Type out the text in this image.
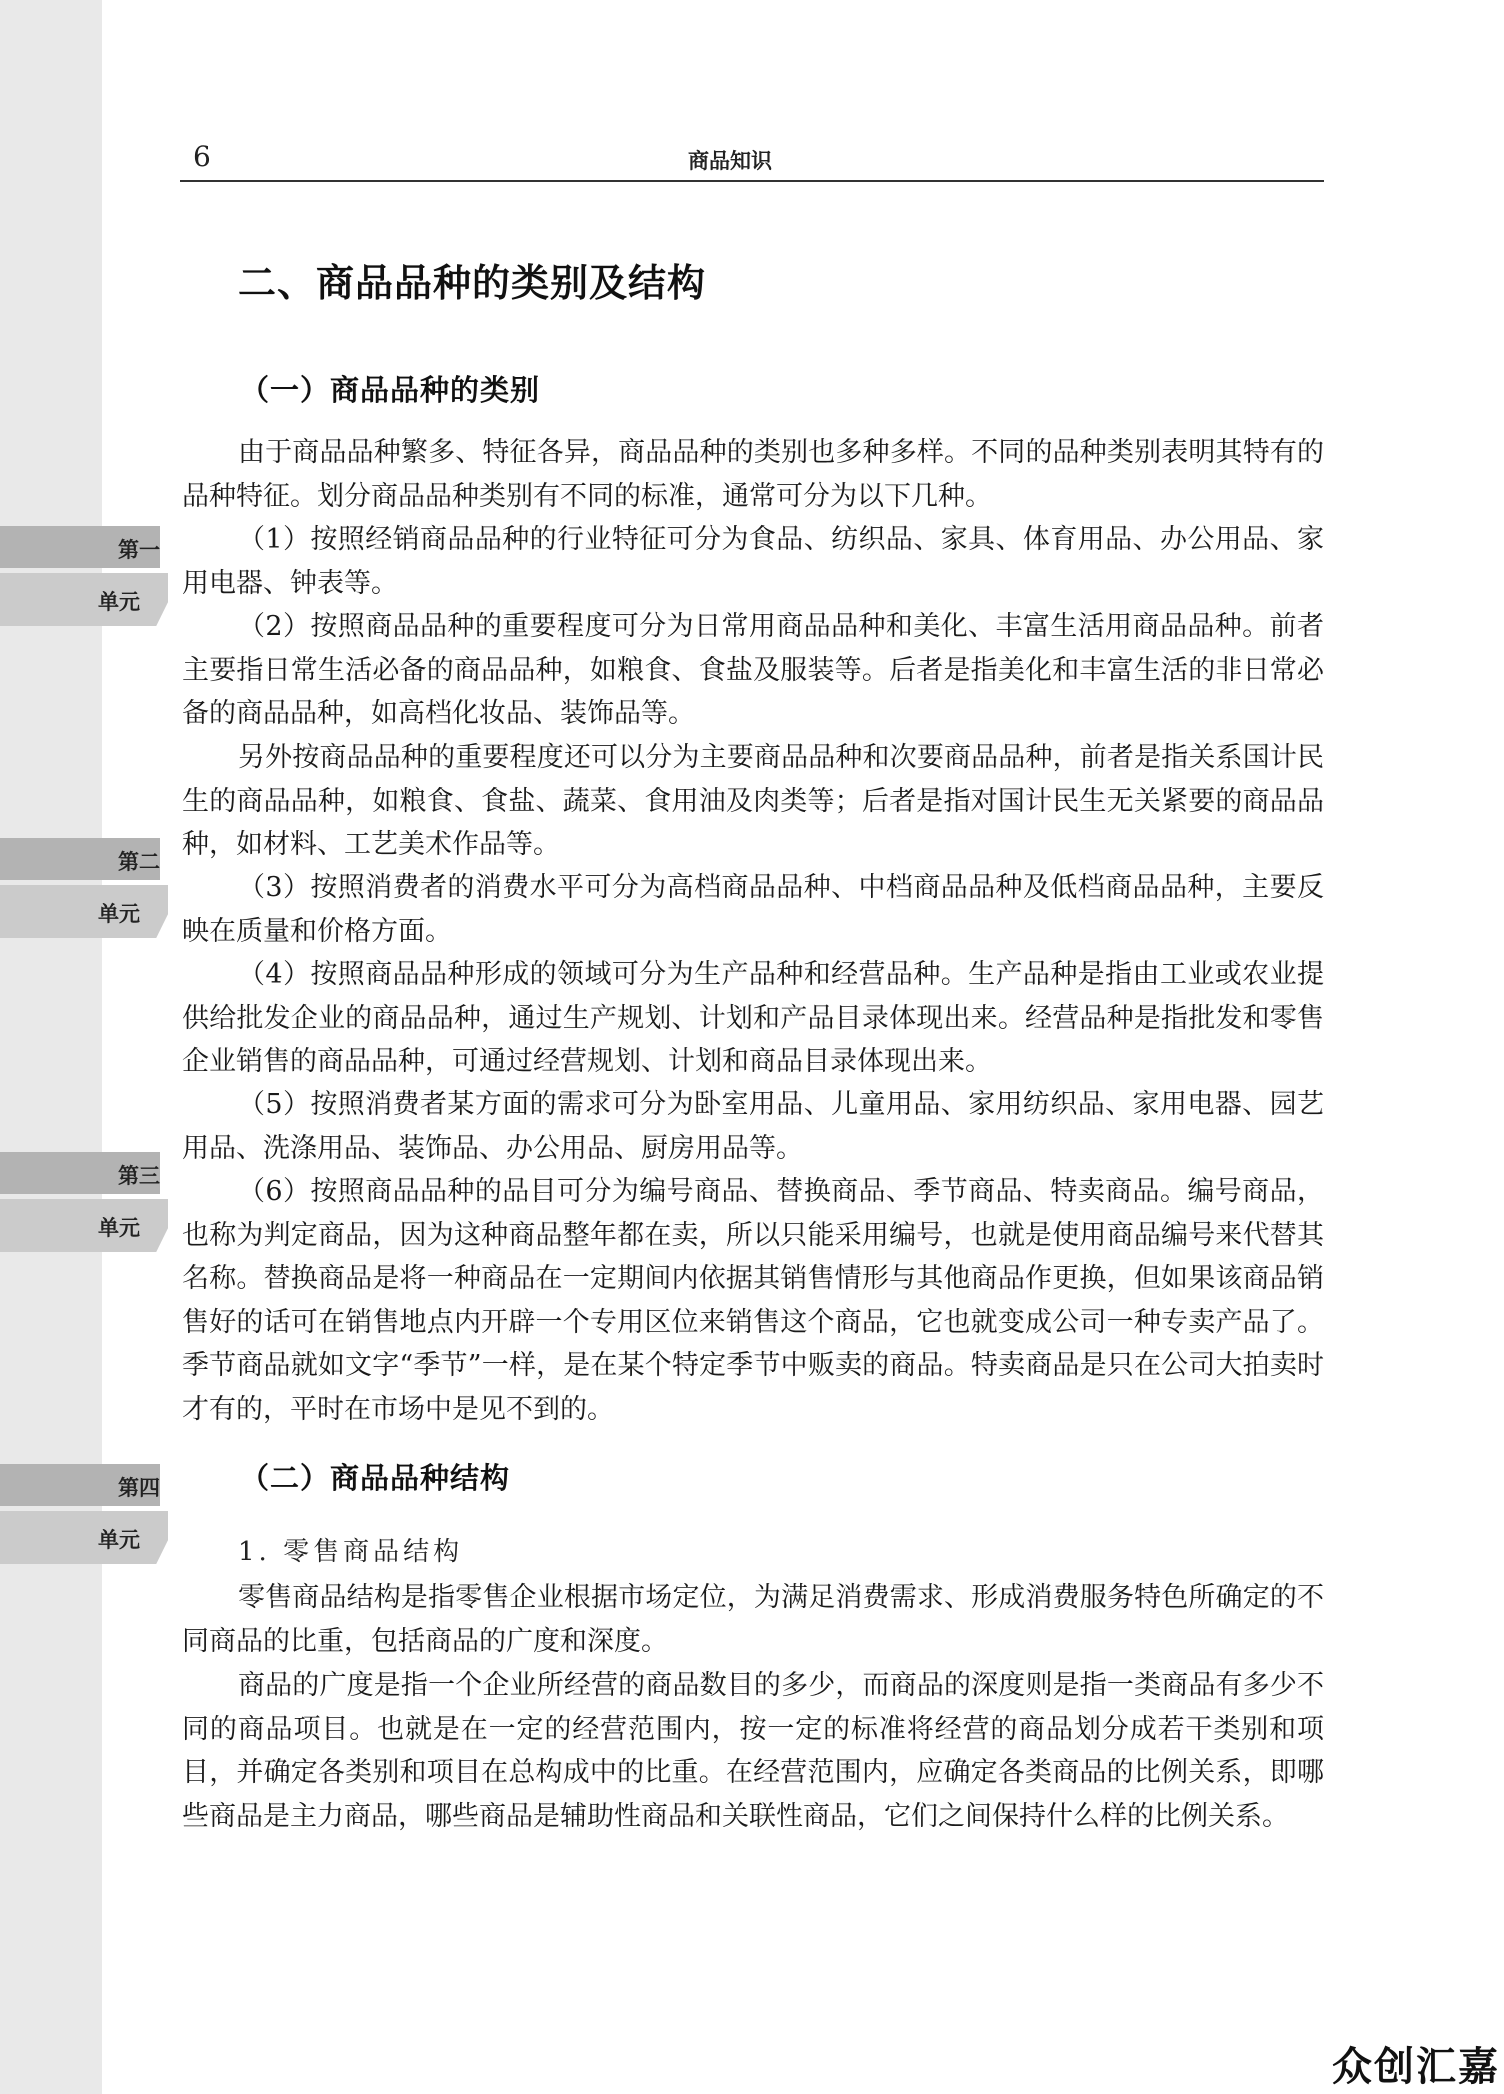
第一
单元
第二
单元
第三
单元
第四
单元
6	商品知识
二、商品品种的类别及结构
（一）商品品种的类别

由于商品品种繁多、特征各异，商品品种的类别也多种多样。不同的品种类别表明其特有的品种特征。划分商品品种类别有不同的标准，通常可分为以下几种。

（1）按照经销商品品种的行业特征可分为食品、纺织品、家具、体育用品、办公用品、家用电器、钟表等。

（2）按照商品品种的重要程度可分为日常用商品品种和美化、丰富生活用商品品种。前者主要指日常生活必备的商品品种，如粮食、食盐及服装等。后者是指美化和丰富生活的非日常必备的商品品种，如高档化妆品、装饰品等。

另外按商品品种的重要程度还可以分为主要商品品种和次要商品品种，前者是指关系国计民生的商品品种，如粮食、食盐、蔬菜、食用油及肉类等；后者是指对国计民生无关紧要的商品品种，如材料、工艺美术作品等。

（3）按照消费者的消费水平可分为高档商品品种、中档商品品种及低档商品品种，主要反映在质量和价格方面。

（4）按照商品品种形成的领域可分为生产品种和经营品种。生产品种是指由工业或农业提供给批发企业的商品品种，通过生产规划、计划和产品目录体现出来。经营品种是指批发和零售企业销售的商品品种，可通过经营规划、计划和商品目录体现出来。

（5）按照消费者某方面的需求可分为卧室用品、儿童用品、家用纺织品、家用电器、园艺用品、洗涤用品、装饰品、办公用品、厨房用品等。

（6）按照商品品种的品目可分为编号商品、替换商品、季节商品、特卖商品。编号商品，也称为判定商品，因为这种商品整年都在卖，所以只能采用编号，也就是使用商品编号来代替其名称。替换商品是将一种商品在一定期间内依据其销售情形与其他商品作更换，但如果该商品销售好的话可在销售地点内开辟一个专用区位来销售这个商品，它也就变成公司一种专卖产品了。季节商品就如文字“季节”一样，是在某个特定季节中贩卖的商品。特卖商品是只在公司大拍卖时才有的，平时在市场中是见不到的。

（二）商品品种结构
1. 零售商品结构

零售商品结构是指零售企业根据市场定位，为满足消费需求、形成消费服务特色所确定的不同商品的比重，包括商品的广度和深度。

商品的广度是指一个企业所经营的商品数目的多少，而商品的深度则是指一类商品有多少不同的商品项目。也就是在一定的经营范围内，按一定的标准将经营的商品划分成若干类别和项目，并确定各类别和项目在总构成中的比重。在经营范围内，应确定各类商品的比例关系，即哪些商品是主力商品，哪些商品是辅助性商品和关联性商品，它们之间保持什么样的比例关系。

众创汇嘉
